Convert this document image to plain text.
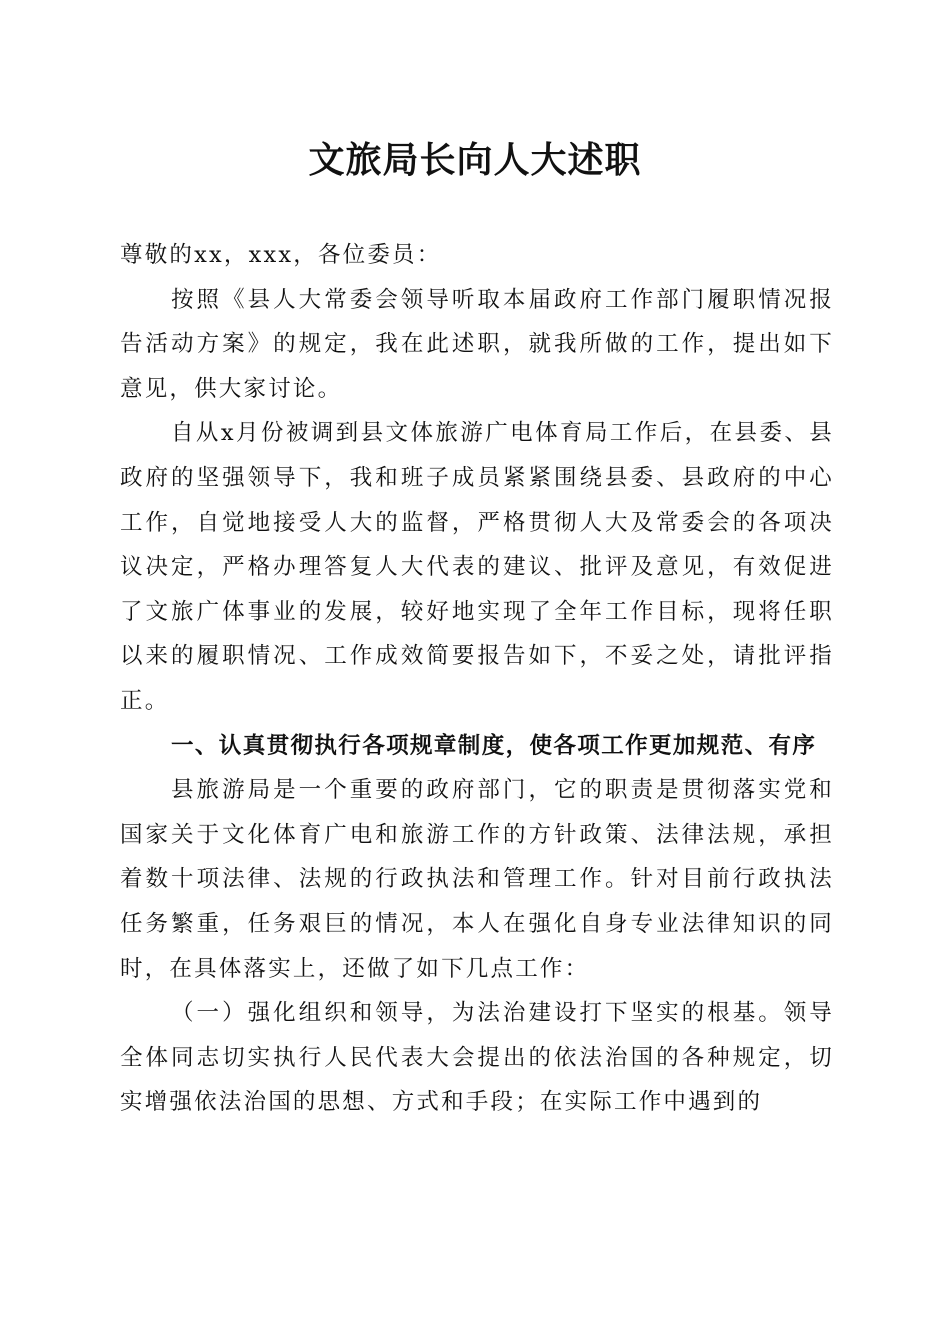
文旅局长向人大述职

尊敬的xx，xxx，各位委员：

按照《县人大常委会领导听取本届政府工作部门履职情况报告活动方案》的规定，我在此述职，就我所做的工作，提出如下意见，供大家讨论。

自从x月份被调到县文体旅游广电体育局工作后，在县委、县政府的坚强领导下，我和班子成员紧紧围绕县委、县政府的中心工作，自觉地接受人大的监督，严格贯彻人大及常委会的各项决议决定，严格办理答复人大代表的建议、批评及意见，有效促进了文旅广体事业的发展，较好地实现了全年工作目标，现将任职以来的履职情况、工作成效简要报告如下，不妥之处，请批评指正。

一、认真贯彻执行各项规章制度，使各项工作更加规范、有序

县旅游局是一个重要的政府部门，它的职责是贯彻落实党和国家关于文化体育广电和旅游工作的方针政策、法律法规，承担着数十项法律、法规的行政执法和管理工作。针对目前行政执法任务繁重，任务艰巨的情况，本人在强化自身专业法律知识的同时，在具体落实上，还做了如下几点工作：

（一）强化组织和领导，为法治建设打下坚实的根基。领导全体同志切实执行人民代表大会提出的依法治国的各种规定，切实增强依法治国的思想、方式和手段；在实际工作中遇到的
